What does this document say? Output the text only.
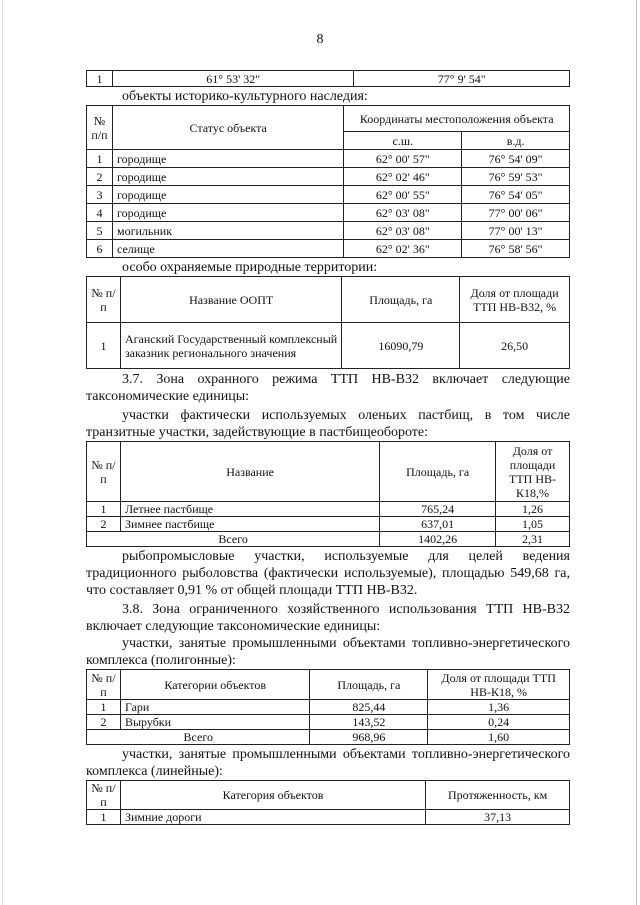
8
1	61° 53' 32"	77° 9' 54"

объекты историко-культурного наследия:

№ п/п	Статус объекта	Координаты местоположения объекта	
		с.ш.	в.д.
1	городище	62° 00' 57"	76° 54' 09"
2	городище	62° 02' 46"	76° 59' 53"
3	городище	62° 00' 55"	76° 54' 05"
4	городище	62° 03' 08"	77° 00' 06"
5	могильник	62° 03' 08"	77° 00' 13"
6	селище	62° 02' 36"	76° 58' 56"

особо охраняемые природные территории:

№ п/п	Название ООПТ	Площадь, га	Доля от площади ТТП НВ-В32, %
1	Аганский Государственный комплексный заказник регионального значения	16090,79	26,50

3.7. Зона охранного режима ТТП НВ-В32 включает следующие таксономические единицы:

участки фактически используемых оленьих пастбищ, в том числе транзитные участки, задействующие в пастбищеобороте:

№ п/п	Название	Площадь, га	Доля от площади ТТП НВ-К18,%
1	Летнее пастбище	765,24	1,26
2	Зимнее пастбище	637,01	1,05
Всего		1402,26	2,31

рыбопромысловые участки, используемые для целей ведения традиционного рыболовства (фактически используемые), площадью 549,68 га, что составляет 0,91 % от общей площади ТТП НВ-В32.

3.8. Зона ограниченного хозяйственного использования ТТП НВ-В32 включает следующие таксономические единицы:

участки, занятые промышленными объектами топливно-энергетического комплекса (полигонные):

№ п/п	Категории объектов	Площадь, га	Доля от площади ТТП НВ-К18, %
1	Гари	825,44	1,36
2	Вырубки	143,52	0,24
Всего		968,96	1,60

участки, занятые промышленными объектами топливно-энергетического комплекса (линейные):

№ п/п	Категория объектов	Протяженность, км
1	Зимние дороги	37,13
